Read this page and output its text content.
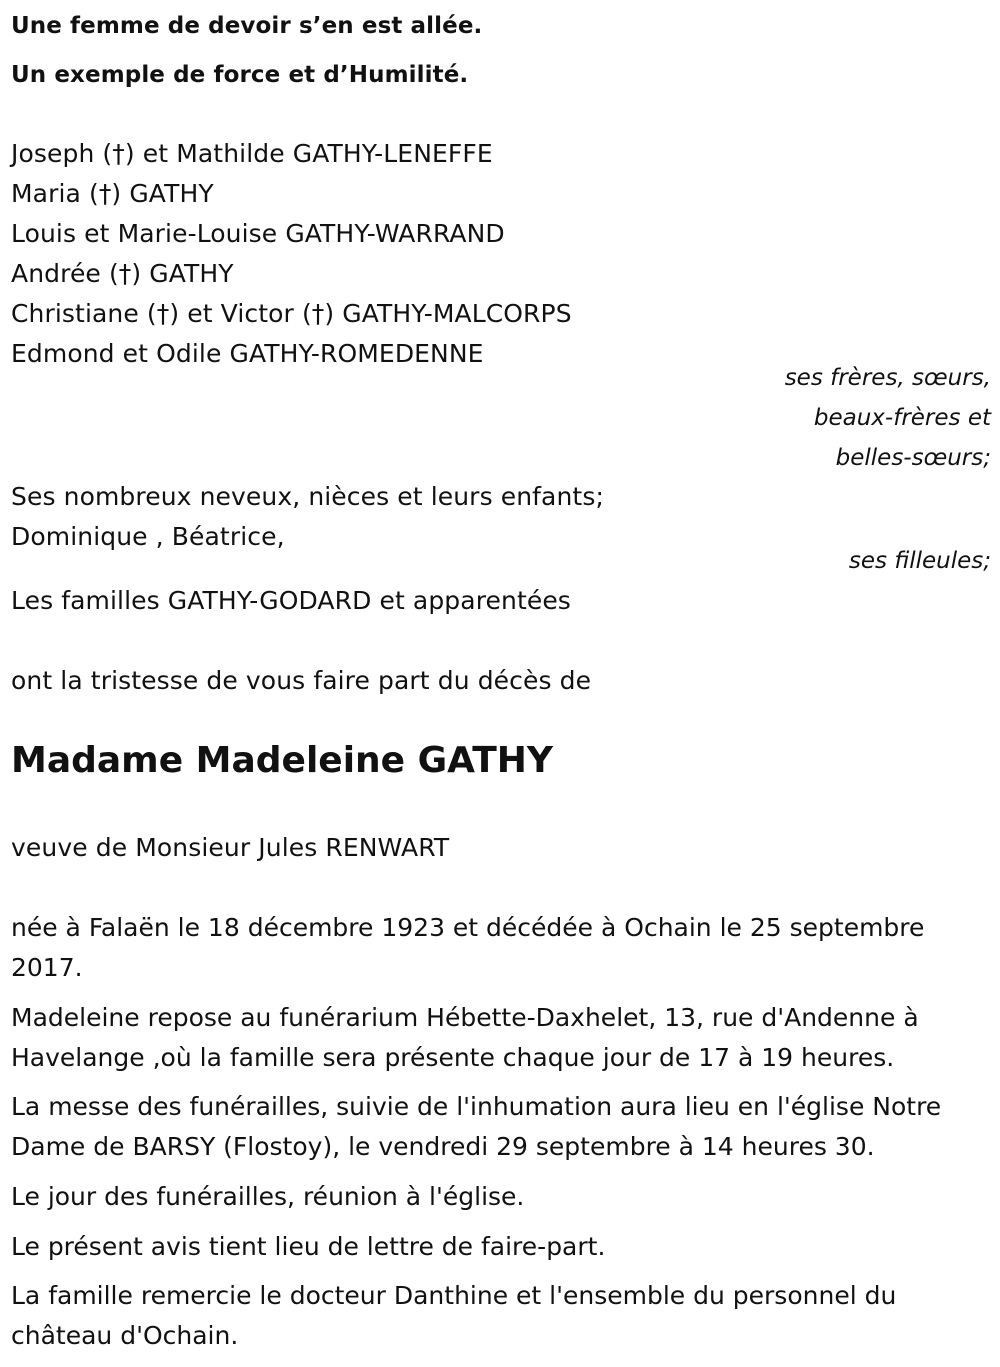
Une femme de devoir s’en est allée.
Un exemple de force et d’Humilité.
Joseph (†) et Mathilde GATHY-LENEFFE
Maria (†) GATHY
Louis et Marie-Louise GATHY-WARRAND
Andrée (†) GATHY
Christiane (†) et Victor (†) GATHY-MALCORPS
Edmond et Odile GATHY-ROMEDENNE
ses frères, sœurs,
beaux-frères et
belles-sœurs;
Ses nombreux neveux, nièces et leurs enfants;
Dominique , Béatrice,
ses filleules;
Les familles GATHY-GODARD et apparentées
ont la tristesse de vous faire part du décès de
Madame Madeleine GATHY
veuve de Monsieur Jules RENWART
née à Falaën le 18 décembre 1923 et décédée à Ochain le 25 septembre 2017.
Madeleine repose au funérarium Hébette-Daxhelet, 13, rue d'Andenne à Havelange ,où la famille sera présente chaque jour de 17 à 19 heures.
La messe des funérailles, suivie de l'inhumation aura lieu en l'église Notre Dame de BARSY (Flostoy), le vendredi 29 septembre à 14 heures 30.
Le jour des funérailles, réunion à l'église.
Le présent avis tient lieu de lettre de faire-part.
La famille remercie le docteur Danthine et l'ensemble du personnel du château d'Ochain.
